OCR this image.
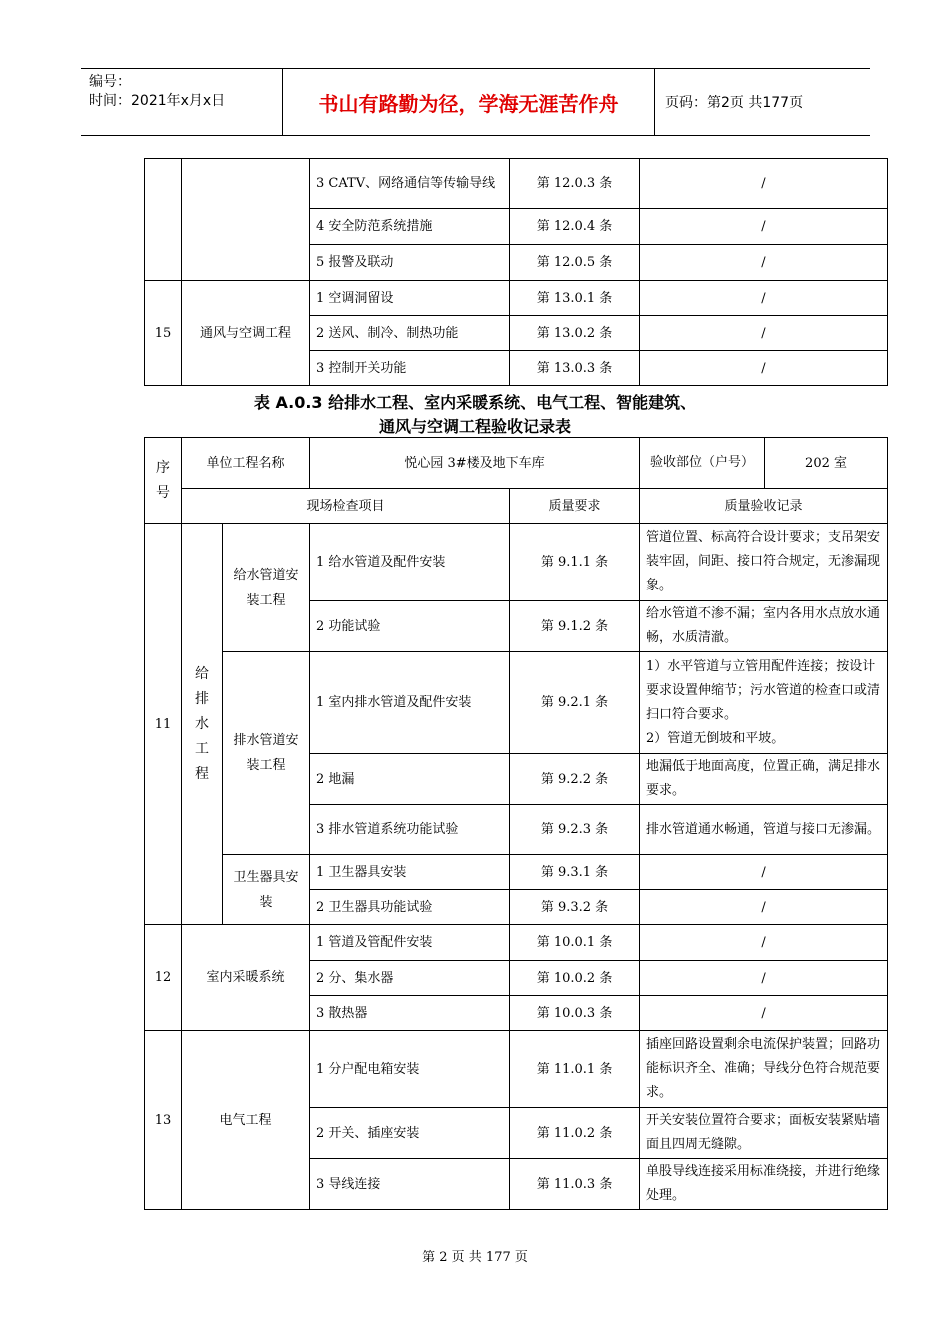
编号：
时间：2021年x月x日	书山有路勤为径，学海无涯苦作舟	页码：第2页 共177页
		3 CATV、网络通信等传输导线	第 12.0.3 条	/
		4 安全防范系统措施	第 12.0.4 条	/
		5 报警及联动	第 12.0.5 条	/
15	通风与空调工程	1 空调洞留设	第 13.0.1 条	/
		2 送风、制冷、制热功能	第 13.0.2 条	/
		3 控制开关功能	第 13.0.3 条	/
表 A.0.3 给排水工程、室内采暖系统、电气工程、智能建筑、
通风与空调工程验收记录表
序号	单位工程名称		悦心园 3#楼及地下车库		验收部位（户号）	202 室
	现场检查项目			质量要求	质量验收记录	
11	给排水工程	给水管道安装工程	1 给水管道及配件安装	第 9.1.1 条	管道位置、标高符合设计要求；支吊架安装牢固，间距、接口符合规定，无渗漏现象。	
			2 功能试验	第 9.1.2 条	给水管道不渗不漏；室内各用水点放水通畅，水质清澈。	
		排水管道安装工程	1 室内排水管道及配件安装	第 9.2.1 条	1）水平管道与立管用配件连接；按设计要求设置伸缩节；污水管道的检查口或清扫口符合要求。
2）管道无倒坡和平坡。	

			2 地漏	第 9.2.2 条	地漏低于地面高度，位置正确，满足排水要求。	
			3 排水管道系统功能试验	第 9.2.3 条	排水管道通水畅通，管道与接口无渗漏。	
		卫生器具安装	1 卫生器具安装	第 9.3.1 条	/	
			2 卫生器具功能试验	第 9.3.2 条	/	
12	室内采暖系统		1 管道及管配件安装	第 10.0.1 条	/	
			2 分、集水器	第 10.0.2 条	/	
			3 散热器	第 10.0.3 条	/	
13	电气工程		1 分户配电箱安装	第 11.0.1 条	插座回路设置剩余电流保护装置；回路功能标识齐全、准确；导线分色符合规范要求。	
			2 开关、插座安装	第 11.0.2 条	开关安装位置符合要求；面板安装紧贴墙面且四周无缝隙。	
			3 导线连接	第 11.0.3 条	单股导线连接采用标准绕接，并进行绝缘处理。	
第 2 页 共 177 页
